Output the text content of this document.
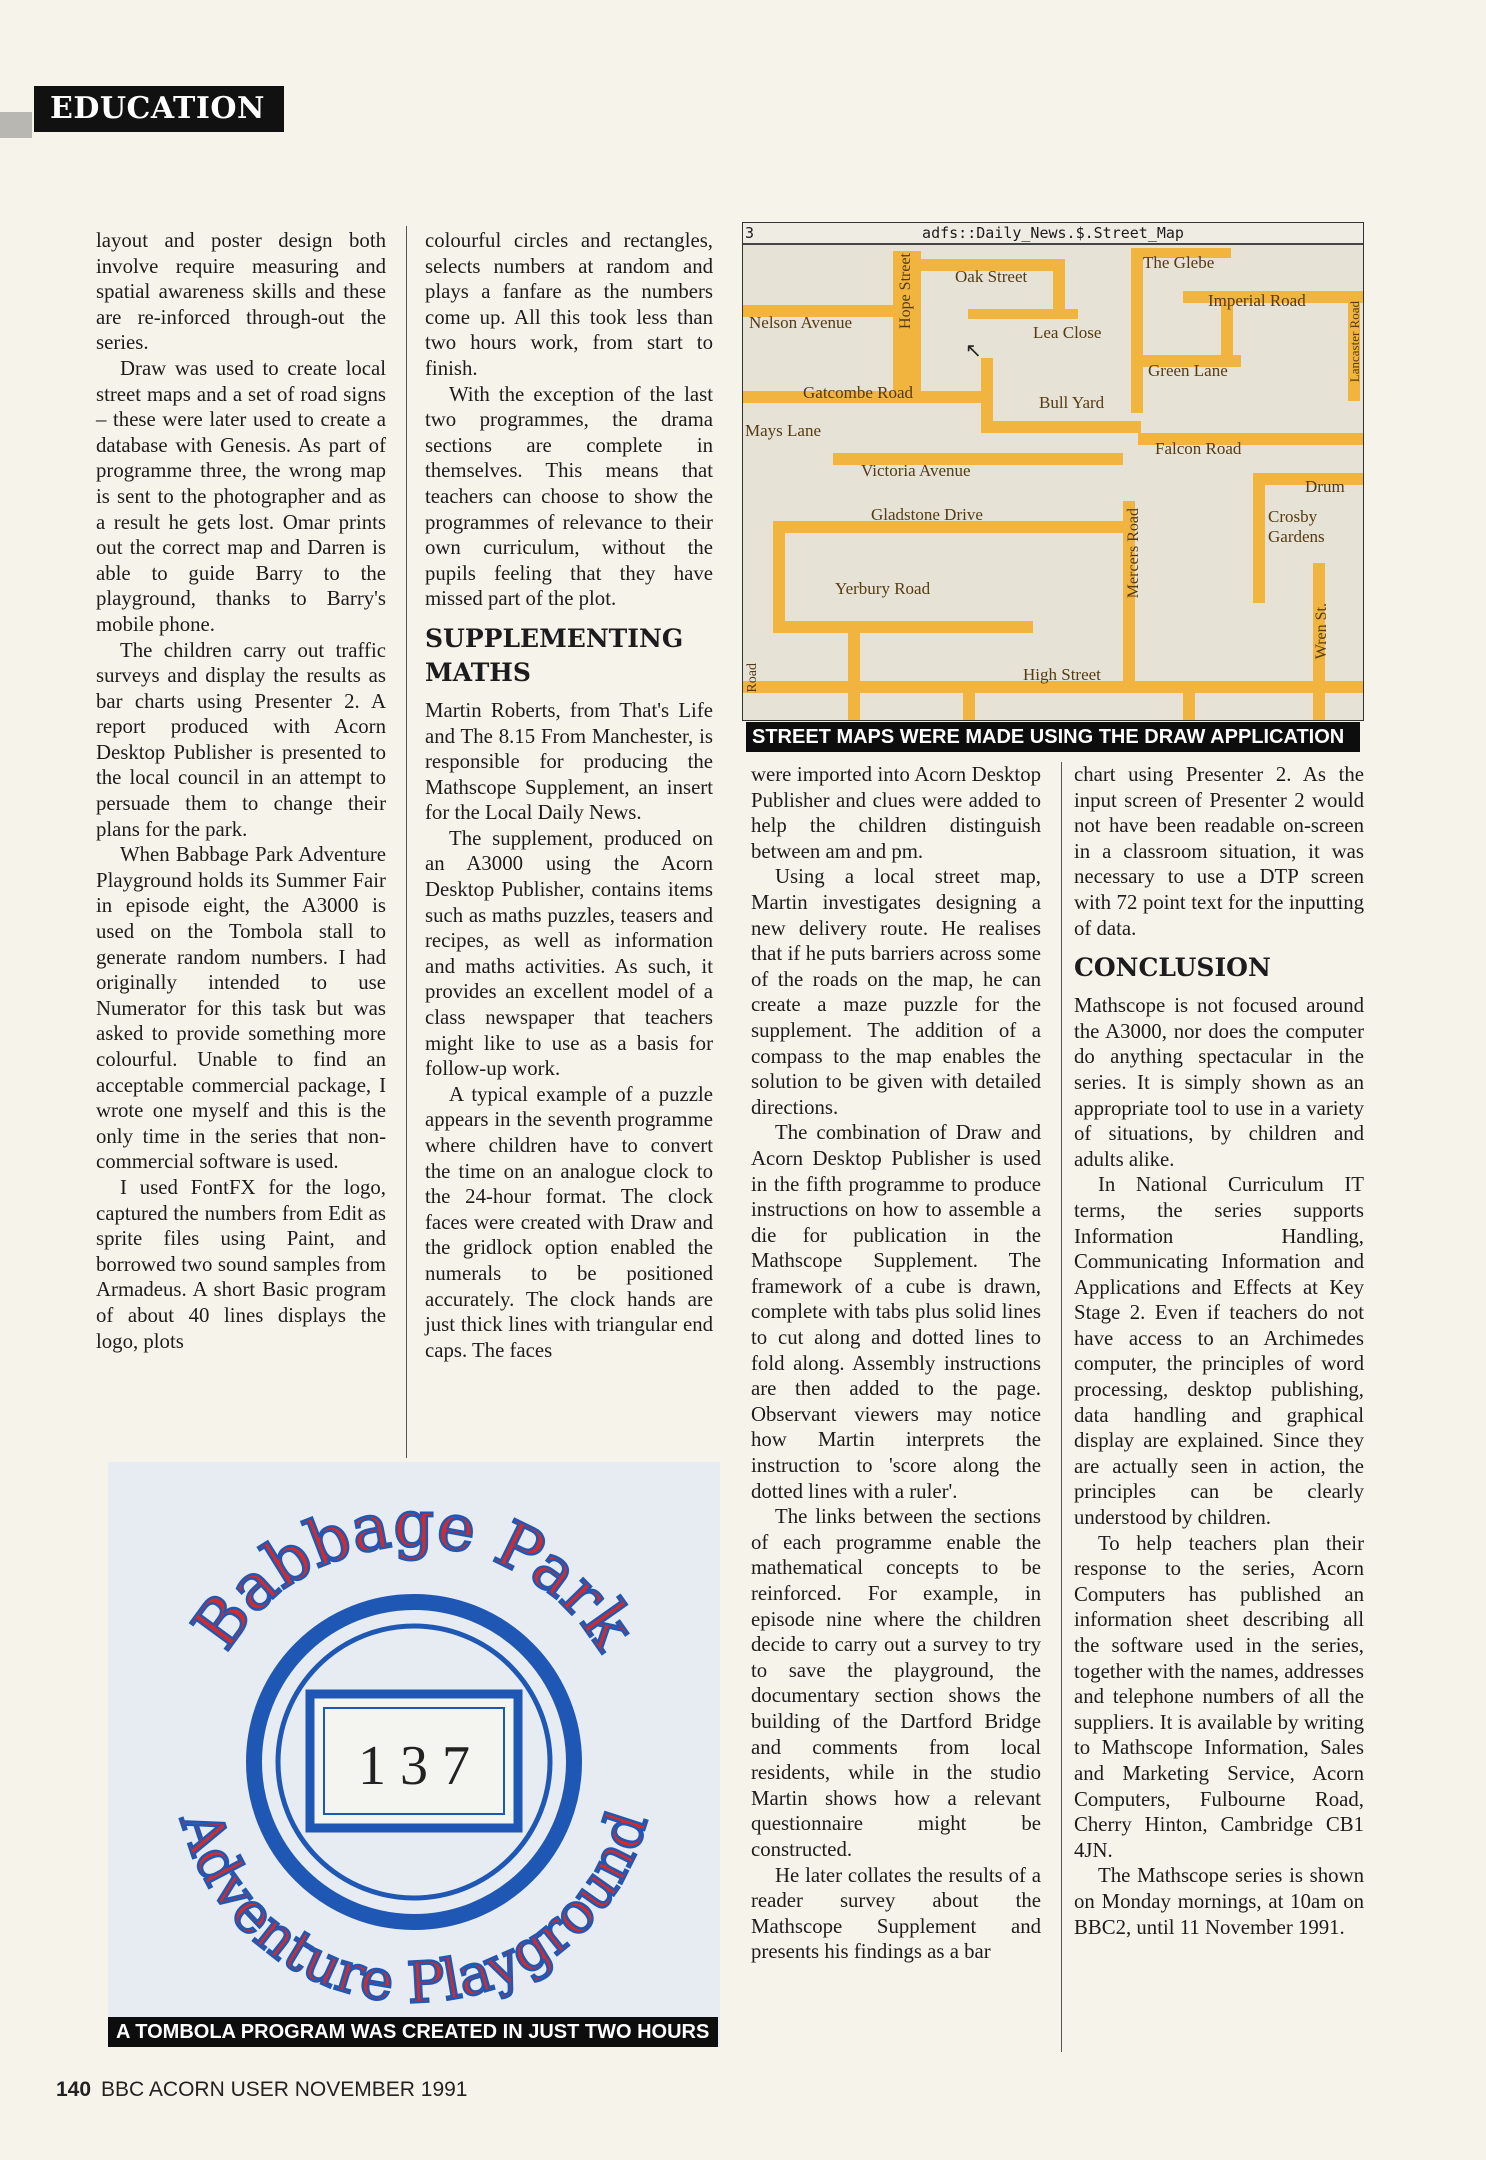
EDUCATION

layout and poster design both involve require measuring and spatial awareness skills and these are re-inforced through-out the series.

Draw was used to create local street maps and a set of road signs – these were later used to create a database with Genesis. As part of programme three, the wrong map is sent to the photographer and as a result he gets lost. Omar prints out the correct map and Darren is able to guide Barry to the playground, thanks to Barry's mobile phone.

The children carry out traffic surveys and display the results as bar charts using Presenter 2. A report produced with Acorn Desktop Publisher is presented to the local council in an attempt to persuade them to change their plans for the park.

When Babbage Park Adventure Playground holds its Summer Fair in episode eight, the A3000 is used on the Tombola stall to generate random numbers. I had originally intended to use Numerator for this task but was asked to provide something more colourful. Unable to find an acceptable commercial package, I wrote one myself and this is the only time in the series that non-commercial software is used.

I used FontFX for the logo, captured the numbers from Edit as sprite files using Paint, and borrowed two sound samples from Armadeus. A short Basic program of about 40 lines displays the logo, plots

colourful circles and rectangles, selects numbers at random and plays a fanfare as the numbers come up. All this took less than two hours work, from start to finish.

With the exception of the last two programmes, the drama sections are complete in themselves. This means that teachers can choose to show the programmes of relevance to their own curriculum, without the pupils feeling that they have missed part of the plot.

SUPPLEMENTING MATHS

Martin Roberts, from That's Life and The 8.15 From Manchester, is responsible for producing the Mathscope Supplement, an insert for the Local Daily News.

The supplement, produced on an A3000 using the Acorn Desktop Publisher, contains items such as maths puzzles, teasers and recipes, as well as information and maths activities. As such, it provides an excellent model of a class newspaper that teachers might like to use as a basis for follow-up work.

A typical example of a puzzle appears in the seventh programme where children have to convert the time on an analogue clock to the 24-hour format. The clock faces were created with Draw and the gridlock option enabled the numerals to be positioned accurately. The clock hands are just thick lines with triangular end caps. The faces

adfs::Daily_News.$.Street_Map
3
Oak Street
Hope Street
Nelson Avenue
The Glebe
Imperial Road
Lea Close
Green Lane	Lancaster Road
Gatcombe Road
Bull Yard
Mays Lane
Falcon Road
Victoria Avenue
Drum
Crosby Gardens
Gladstone Drive	Mercers Road
Yerbury Road
Wren St.
High Street
Road
↖
STREET MAPS WERE MADE USING THE DRAW APPLICATION

were imported into Acorn Desktop Publisher and clues were added to help the children distinguish between am and pm.

Using a local street map, Martin investigates designing a new delivery route. He realises that if he puts barriers across some of the roads on the map, he can create a maze puzzle for the supplement. The addition of a compass to the map enables the solution to be given with detailed directions.

The combination of Draw and Acorn Desktop Publisher is used in the fifth programme to produce instructions on how to assemble a die for publication in the Mathscope Supplement. The framework of a cube is drawn, complete with tabs plus solid lines to cut along and dotted lines to fold along. Assembly instructions are then added to the page. Observant viewers may notice how Martin interprets the instruction to 'score along the dotted lines with a ruler'.

The links between the sections of each programme enable the mathematical concepts to be reinforced. For example, in episode nine where the children decide to carry out a survey to try to save the playground, the documentary section shows the building of the Dartford Bridge and comments from local residents, while in the studio Martin shows how a relevant questionnaire might be constructed.

He later collates the results of a reader survey about the Mathscope Supplement and presents his findings as a bar

chart using Presenter 2. As the input screen of Presenter 2 would not have been readable on-screen in a classroom situation, it was necessary to use a DTP screen with 72 point text for the inputting of data.

CONCLUSION

Mathscope is not focused around the A3000, nor does the computer do anything spectacular in the series. It is simply shown as an appropriate tool to use in a variety of situations, by children and adults alike.

In National Curriculum IT terms, the series supports Information Handling, Communicating Information and Applications and Effects at Key Stage 2. Even if teachers do not have access to an Archimedes computer, the principles of word processing, desktop publishing, data handling and graphical display are explained. Since they are actually seen in action, the principles can be clearly understood by children.

To help teachers plan their response to the series, Acorn Computers has published an information sheet describing all the software used in the series, together with the names, addresses and telephone numbers of all the suppliers. It is available by writing to Mathscope Information, Sales and Marketing Service, Acorn Computers, Fulbourne Road, Cherry Hinton, Cambridge CB1 4JN.

The Mathscope series is shown on Monday mornings, at 10am on BBC2, until 11 November 1991.

1 3 7
Babbage Park
Adventure Playground
A TOMBOLA PROGRAM WAS CREATED IN JUST TWO HOURS
140 BBC ACORN USER NOVEMBER 1991
